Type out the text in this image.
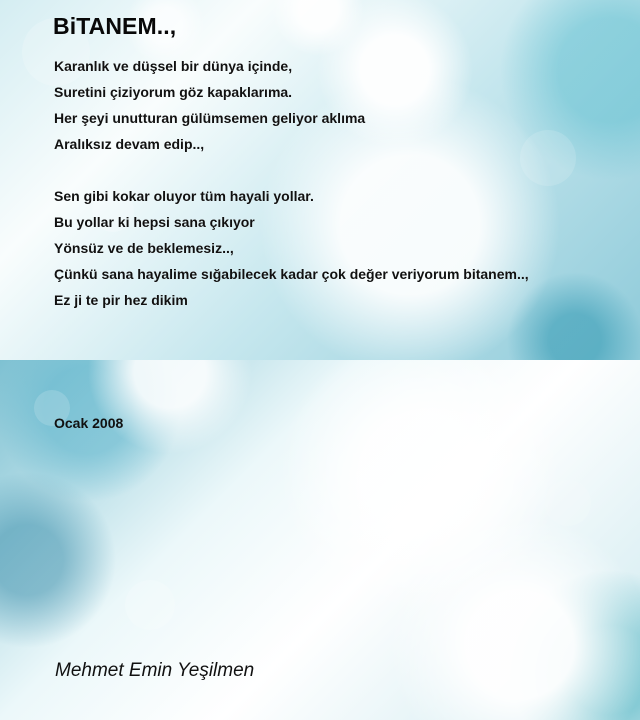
BiTANEM..,
Karanlık ve düşsel bir dünya içinde,
Suretini çiziyorum göz kapaklarıma.
Her şeyi unutturan gülümsemen geliyor aklıma
Aralıksız devam edip..,
Sen gibi kokar oluyor tüm hayali yollar.
Bu yollar ki hepsi sana çıkıyor
Yönsüz ve de beklemesiz..,
Çünkü sana hayalime sığabilecek kadar çok değer veriyorum bitanem..,
Ez ji te pir hez dikim

Ocak 2008

Mehmet Emin Yeşilmen
